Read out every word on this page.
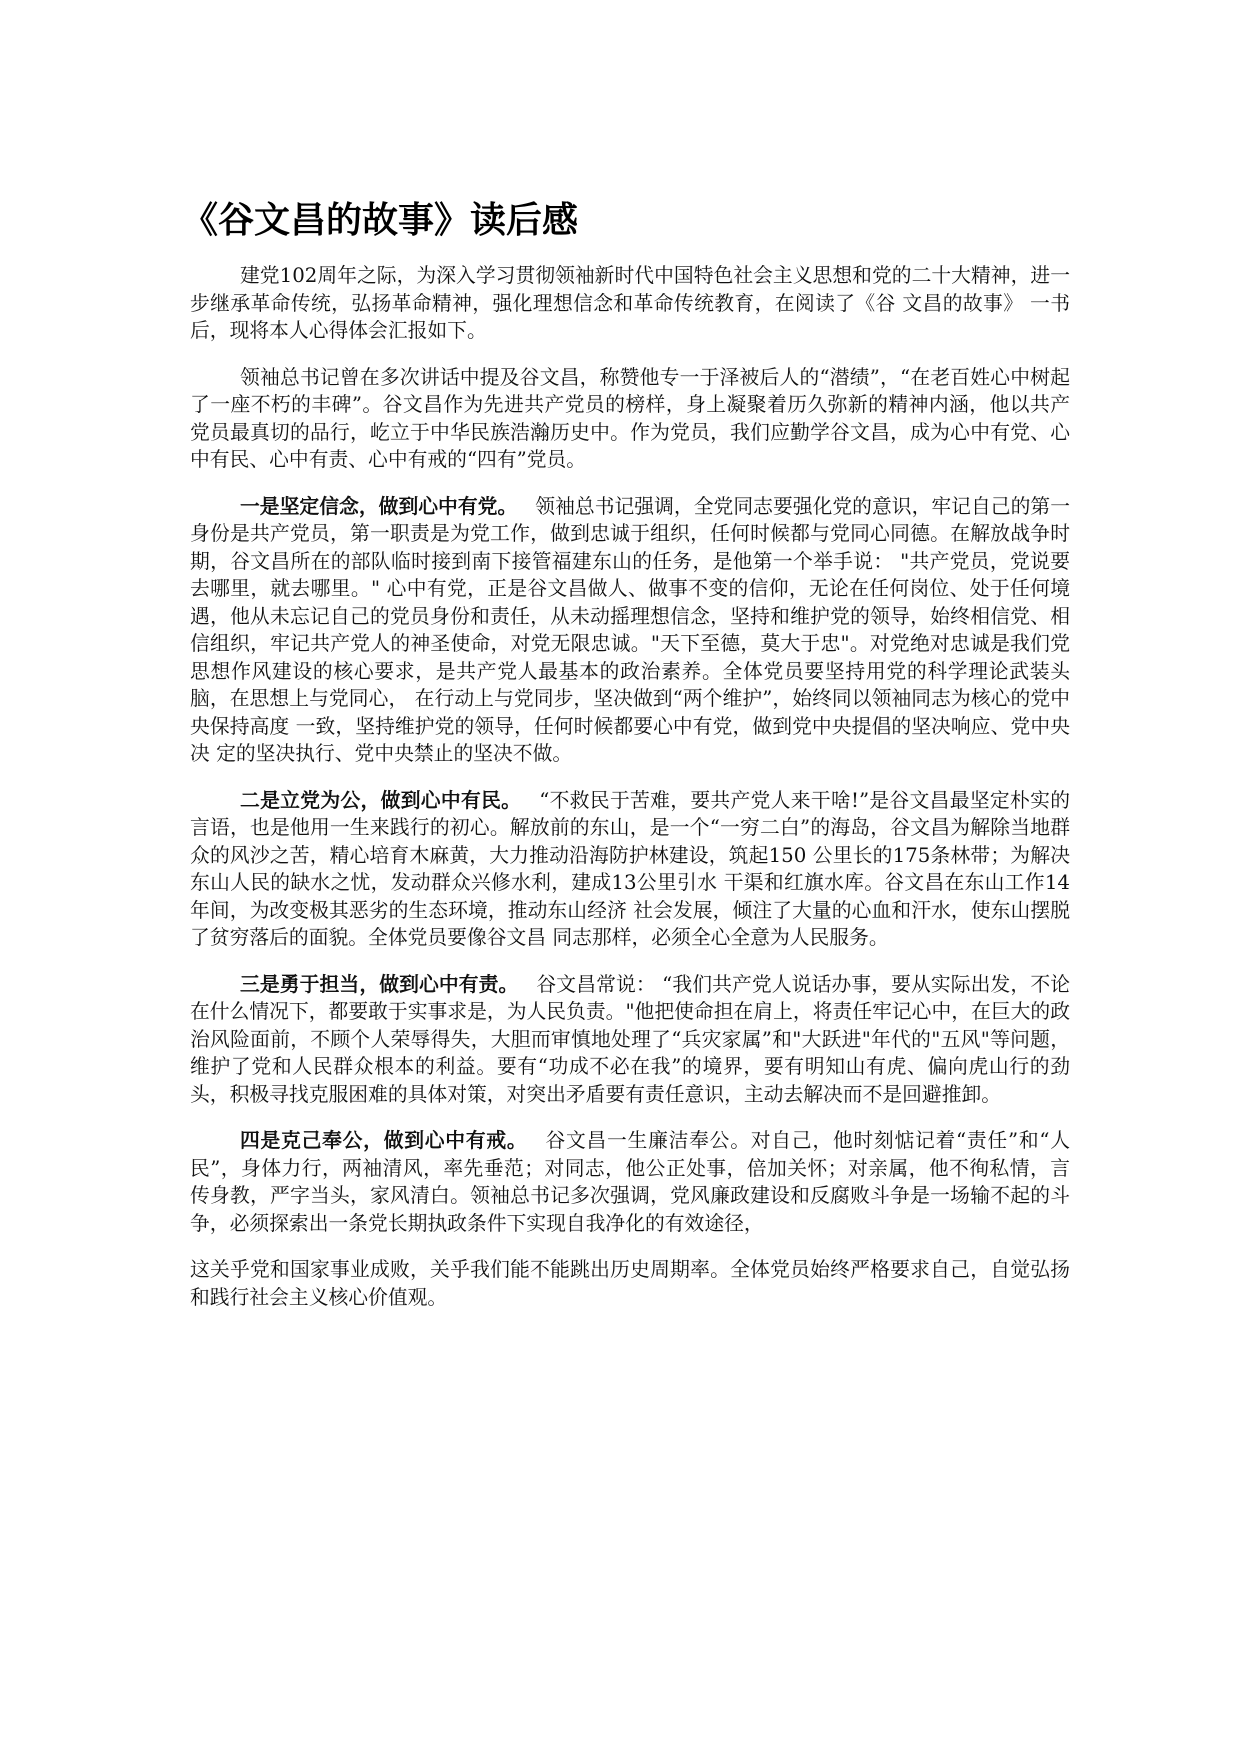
《谷文昌的故事》读后感

建党102周年之际，为深入学习贯彻领袖新时代中国特色社会主义思想和党的二十大精神，进一步继承革命传统，弘扬革命精神，强化理想信念和革命传统教育，在阅读了《谷 文昌的故事》 一书后，现将本人心得体会汇报如下。

领袖总书记曾在多次讲话中提及谷文昌，称赞他专一于泽被后人的“潜绩”，“在老百姓心中树起了一座不朽的丰碑”。谷文昌作为先进共产党员的榜样，身上凝聚着历久弥新的精神内涵，他以共产党员最真切的品行，屹立于中华民族浩瀚历史中。作为党员，我们应勤学谷文昌，成为心中有党、心中有民、心中有责、心中有戒的“四有”党员。

一是坚定信念，做到心中有党。 领袖总书记强调，全党同志要强化党的意识，牢记自己的第一身份是共产党员，第一职责是为党工作，做到忠诚于组织，任何时候都与党同心同德。在解放战争时期，谷文昌所在的部队临时接到南下接管福建东山的任务，是他第一个举手说： "共产党员，党说要去哪里，就去哪里。" 心中有党，正是谷文昌做人、做事不变的信仰，无论在任何岗位、处于任何境遇，他从未忘记自己的党员身份和责任，从未动摇理想信念，坚持和维护党的领导，始终相信党、相信组织，牢记共产党人的神圣使命，对党无限忠诚。"天下至德，莫大于忠"。对党绝对忠诚是我们党思想作风建设的核心要求，是共产党人最基本的政治素养。全体党员要坚持用党的科学理论武装头脑，在思想上与党同心， 在行动上与党同步，坚决做到“两个维护”，始终同以领袖同志为核心的党中央保持高度 一致，坚持维护党的领导，任何时候都要心中有党，做到党中央提倡的坚决响应、党中央决 定的坚决执行、党中央禁止的坚决不做。

二是立党为公，做到心中有民。 “不救民于苦难，要共产党人来干啥!”是谷文昌最坚定朴实的言语，也是他用一生来践行的初心。解放前的东山，是一个“一穷二白”的海岛，谷文昌为解除当地群众的风沙之苦，精心培育木麻黄，大力推动沿海防护林建设，筑起150 公里长的175条林带；为解决东山人民的缺水之忧，发动群众兴修水利，建成13公里引水 干渠和红旗水库。谷文昌在东山工作14年间，为改变极其恶劣的生态环境，推动东山经济 社会发展，倾注了大量的心血和汗水，使东山摆脱了贫穷落后的面貌。全体党员要像谷文昌 同志那样，必须全心全意为人民服务。

三是勇于担当，做到心中有责。 谷文昌常说： “我们共产党人说话办事，要从实际出发，不论在什么情况下，都要敢于实事求是，为人民负责。"他把使命担在肩上，将责任牢记心中，在巨大的政治风险面前，不顾个人荣辱得失，大胆而审慎地处理了“兵灾家属”和"大跃进"年代的"五风"等问题，维护了党和人民群众根本的利益。要有“功成不必在我”的境界，要有明知山有虎、偏向虎山行的劲头，积极寻找克服困难的具体对策，对突出矛盾要有责任意识，主动去解决而不是回避推卸。

四是克己奉公，做到心中有戒。 谷文昌一生廉洁奉公。对自己，他时刻惦记着“责任”和“人民”，身体力行，两袖清风，率先垂范；对同志，他公正处事，倍加关怀；对亲属，他不徇私情，言传身教，严字当头，家风清白。领袖总书记多次强调，党风廉政建设和反腐败斗争是一场输不起的斗争，必须探索出一条党长期执政条件下实现自我净化的有效途径，

这关乎党和国家事业成败，关乎我们能不能跳出历史周期率。全体党员始终严格要求自己，自觉弘扬和践行社会主义核心价值观。
